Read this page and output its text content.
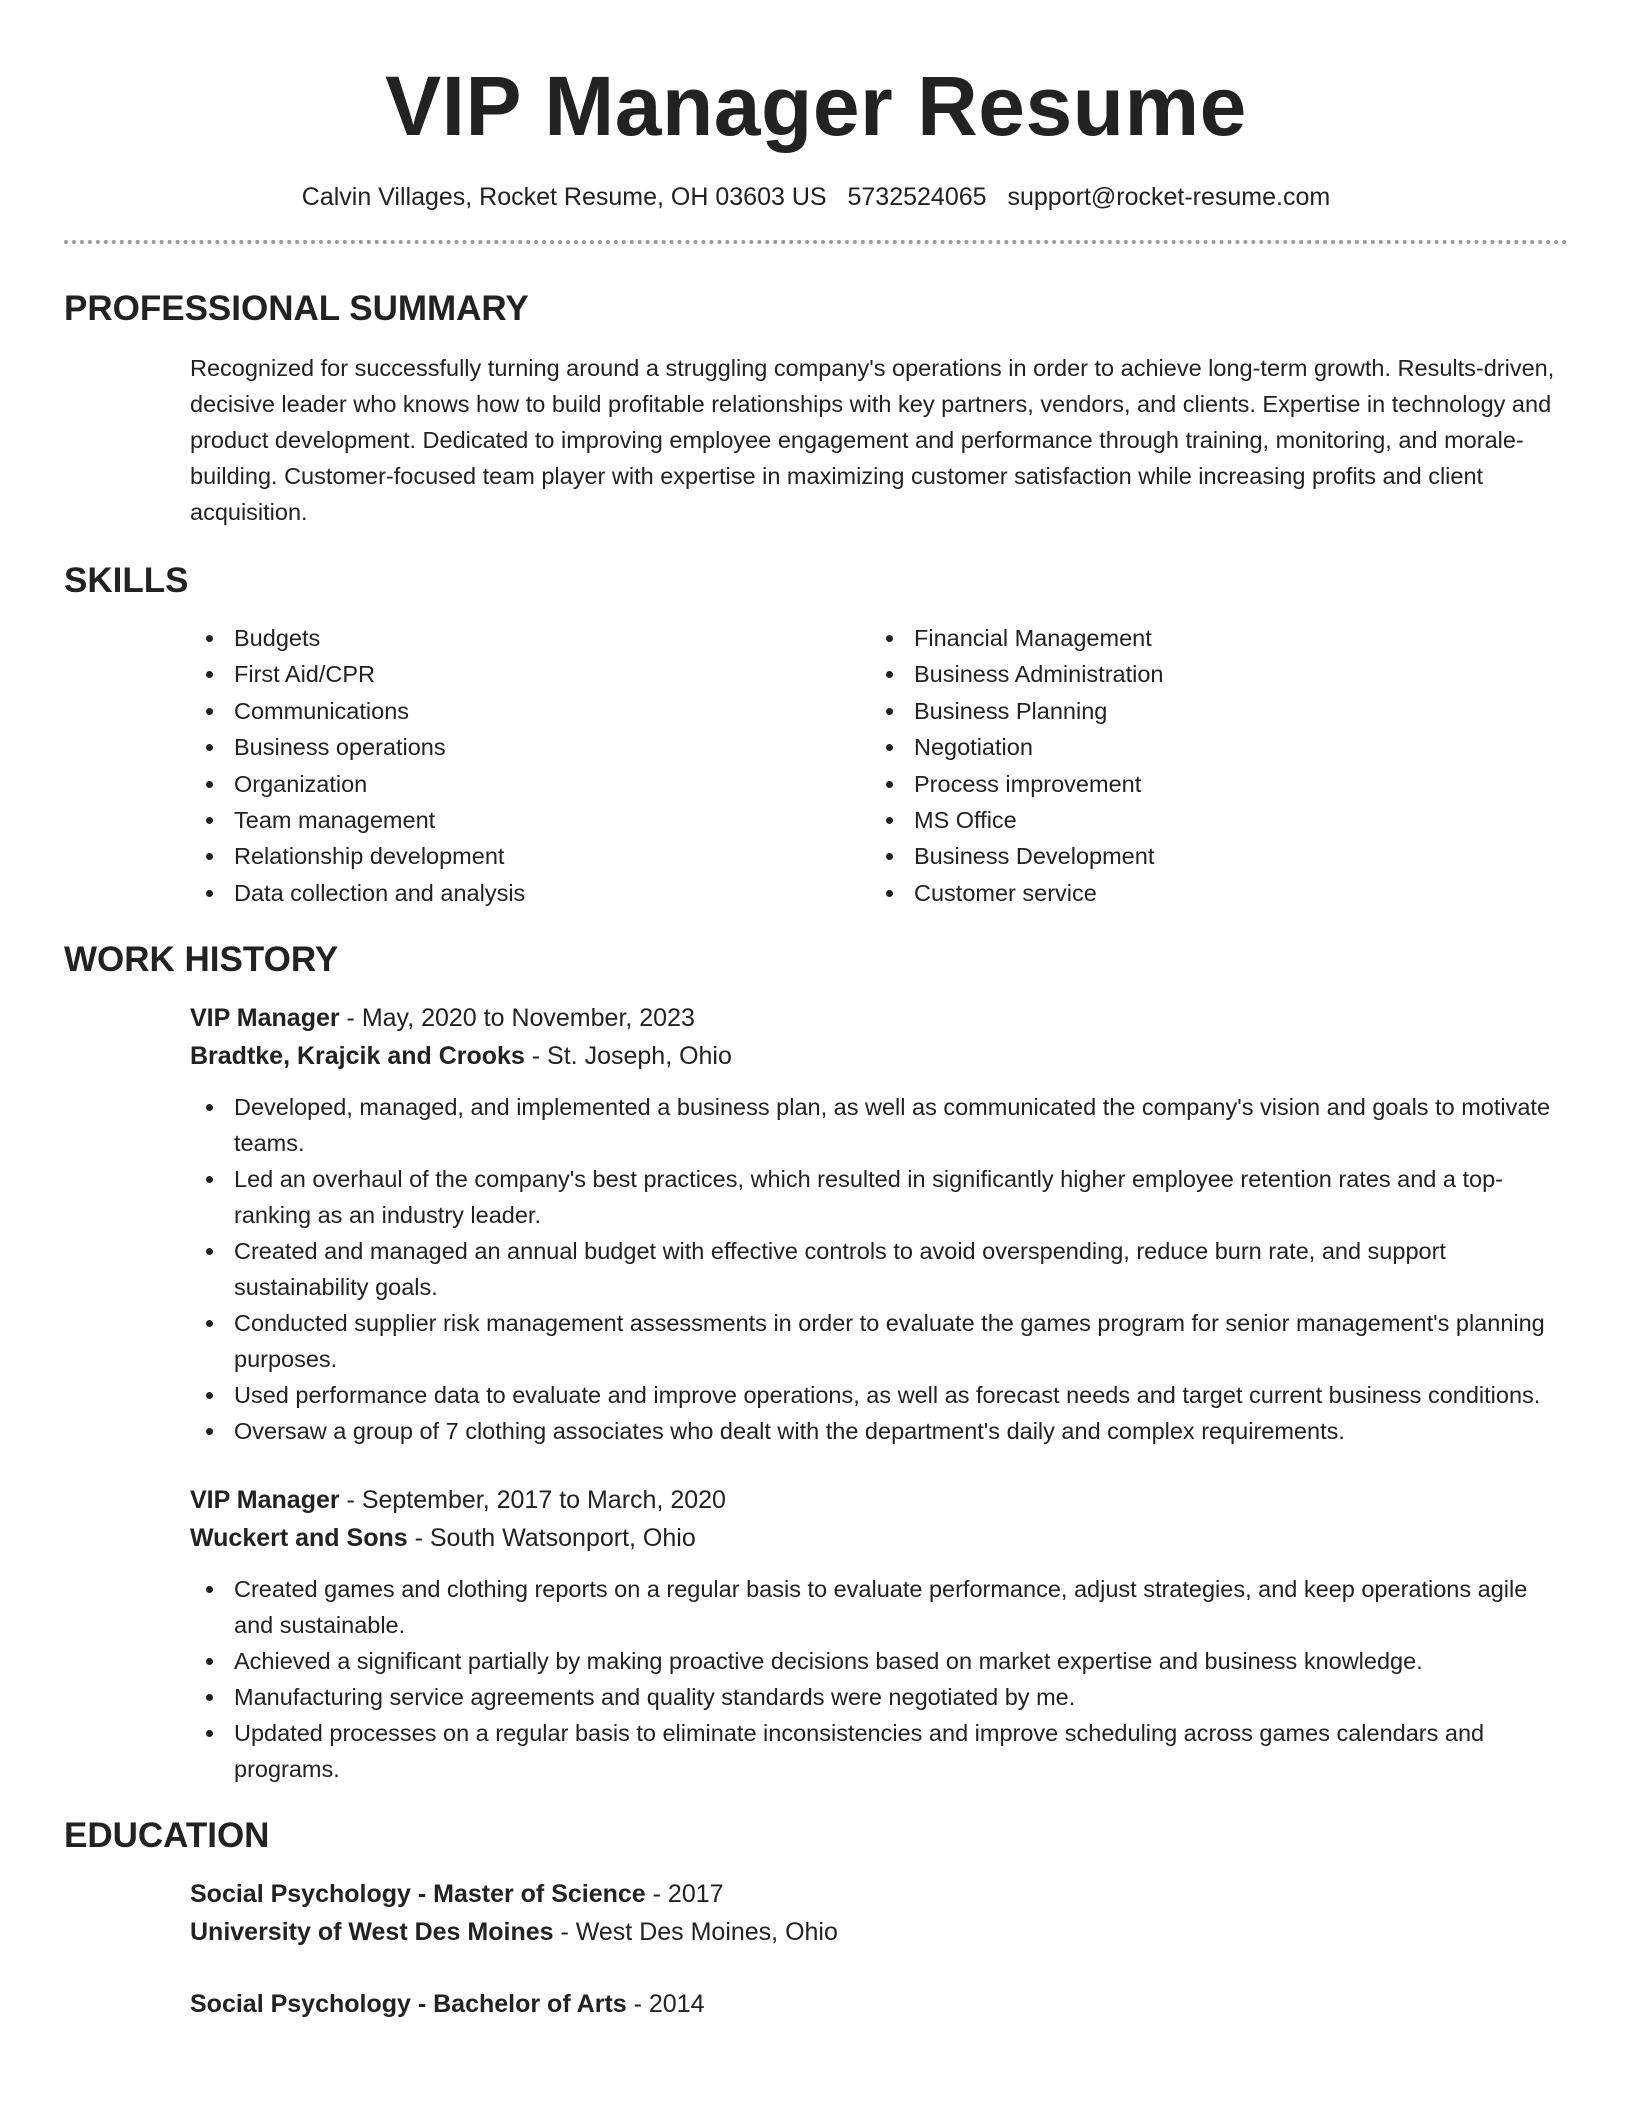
VIP Manager Resume
Calvin Villages, Rocket Resume, OH 03603 US 5732524065 support@rocket-resume.com
PROFESSIONAL SUMMARY

Recognized for successfully turning around a struggling company's operations in order to achieve long-term growth. Results-driven, decisive leader who knows how to build profitable relationships with key partners, vendors, and clients. Expertise in technology and product development. Dedicated to improving employee engagement and performance through training, monitoring, and morale-building. Customer-focused team player with expertise in maximizing customer satisfaction while increasing profits and client acquisition.

SKILLS
Budgets
First Aid/CPR
Communications
Business operations
Organization
Team management
Relationship development
Data collection and analysis
Financial Management
Business Administration
Business Planning
Negotiation
Process improvement
MS Office
Business Development
Customer service
WORK HISTORY
VIP Manager - May, 2020 to November, 2023
Bradtke, Krajcik and Crooks - St. Joseph, Ohio
Developed, managed, and implemented a business plan, as well as communicated the company's vision and goals to motivate teams.
Led an overhaul of the company's best practices, which resulted in significantly higher employee retention rates and a top-ranking as an industry leader.
Created and managed an annual budget with effective controls to avoid overspending, reduce burn rate, and support sustainability goals.
Conducted supplier risk management assessments in order to evaluate the games program for senior management's planning purposes.
Used performance data to evaluate and improve operations, as well as forecast needs and target current business conditions.
Oversaw a group of 7 clothing associates who dealt with the department's daily and complex requirements.
VIP Manager - September, 2017 to March, 2020
Wuckert and Sons - South Watsonport, Ohio
Created games and clothing reports on a regular basis to evaluate performance, adjust strategies, and keep operations agile and sustainable.
Achieved a significant partially by making proactive decisions based on market expertise and business knowledge.
Manufacturing service agreements and quality standards were negotiated by me.
Updated processes on a regular basis to eliminate inconsistencies and improve scheduling across games calendars and programs.
EDUCATION
Social Psychology - Master of Science - 2017
University of West Des Moines - West Des Moines, Ohio
Social Psychology - Bachelor of Arts - 2014
